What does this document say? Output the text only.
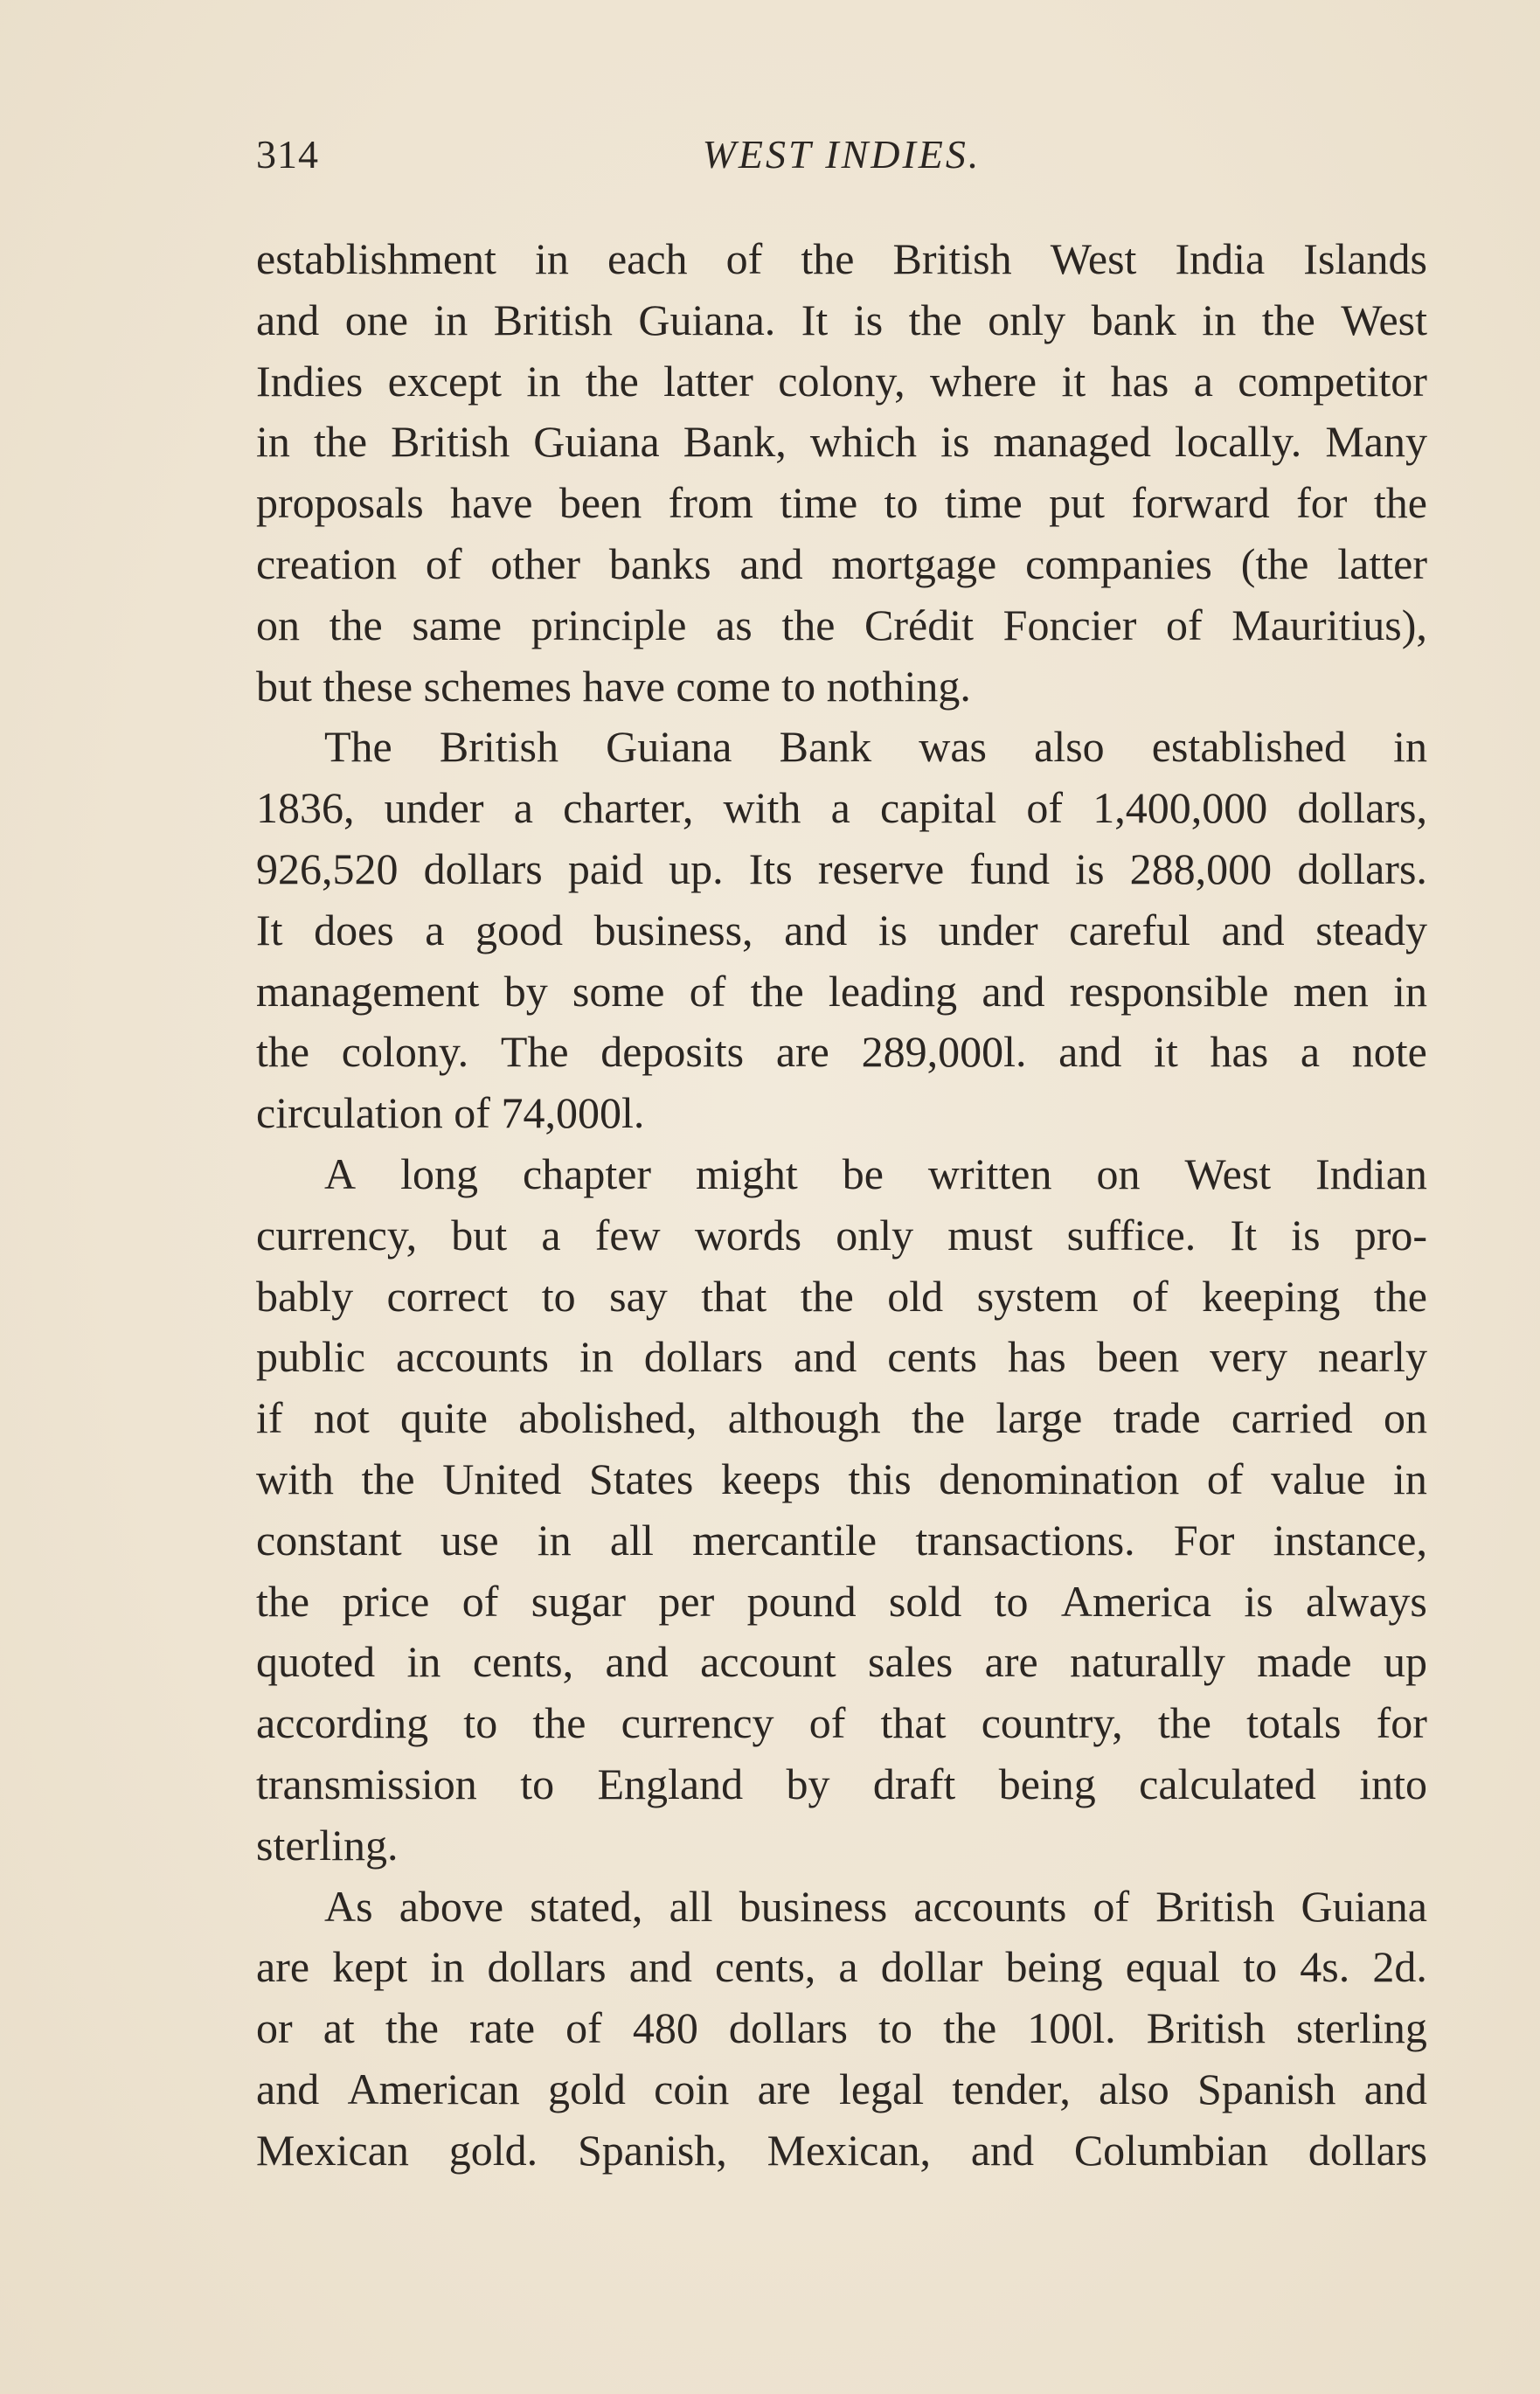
314	WEST INDIES.
establishment in each of the British West India Islands
and one in British Guiana. It is the only bank in the West
Indies except in the latter colony, where it has a competitor
in the British Guiana Bank, which is managed locally. Many
proposals have been from time to time put forward for the
creation of other banks and mortgage companies (the latter
on the same principle as the Crédit Foncier of Mauritius),
but these schemes have come to nothing.
The British Guiana Bank was also established in
1836, under a charter, with a capital of 1,400,000 dollars,
926,520 dollars paid up. Its reserve fund is 288,000 dollars.
It does a good business, and is under careful and steady
management by some of the leading and responsible men in
the colony. The deposits are 289,000l. and it has a note
circulation of 74,000l.
A long chapter might be written on West Indian
currency, but a few words only must suffice. It is pro-
bably correct to say that the old system of keeping the
public accounts in dollars and cents has been very nearly
if not quite abolished, although the large trade carried on
with the United States keeps this denomination of value in
constant use in all mercantile transactions. For instance,
the price of sugar per pound sold to America is always
quoted in cents, and account sales are naturally made up
according to the currency of that country, the totals for
transmission to England by draft being calculated into
sterling.
As above stated, all business accounts of British Guiana
are kept in dollars and cents, a dollar being equal to 4s. 2d.
or at the rate of 480 dollars to the 100l. British sterling
and American gold coin are legal tender, also Spanish and
Mexican gold. Spanish, Mexican, and Columbian dollars
